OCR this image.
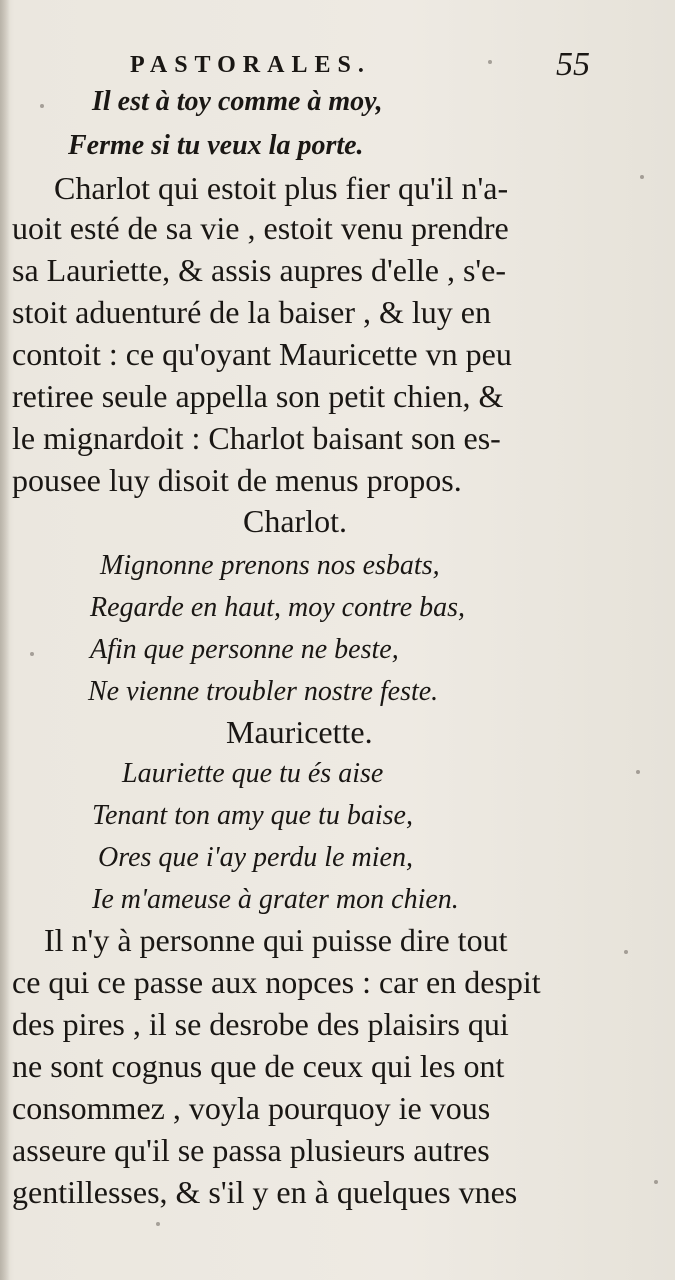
PASTORALES.	55
Il est à toy comme à moy,
Ferme si tu veux la porte.
Charlot qui estoit plus fier qu'il n'a-
uoit esté de sa vie , estoit venu prendre
sa Lauriette, & assis aupres d'elle , s'e-
stoit aduenturé de la baiser , & luy en
contoit : ce qu'oyant Mauricette vn peu
retiree seule appella son petit chien, &
le mignardoit : Charlot baisant son es-
pousee luy disoit de menus propos.
Charlot.
Mignonne prenons nos esbats,
Regarde en haut, moy contre bas,
Afin que personne ne beste,
Ne vienne troubler nostre feste.
Mauricette.
Lauriette que tu és aise
Tenant ton amy que tu baise,
Ores que i'ay perdu le mien,
Ie m'ameuse à grater mon chien.
Il n'y à personne qui puisse dire tout
ce qui ce passe aux nopces : car en despit
des pires , il se desrobe des plaisirs qui
ne sont cognus que de ceux qui les ont
consommez , voyla pourquoy ie vous
asseure qu'il se passa plusieurs autres
gentillesses, & s'il y en à quelques vnes
